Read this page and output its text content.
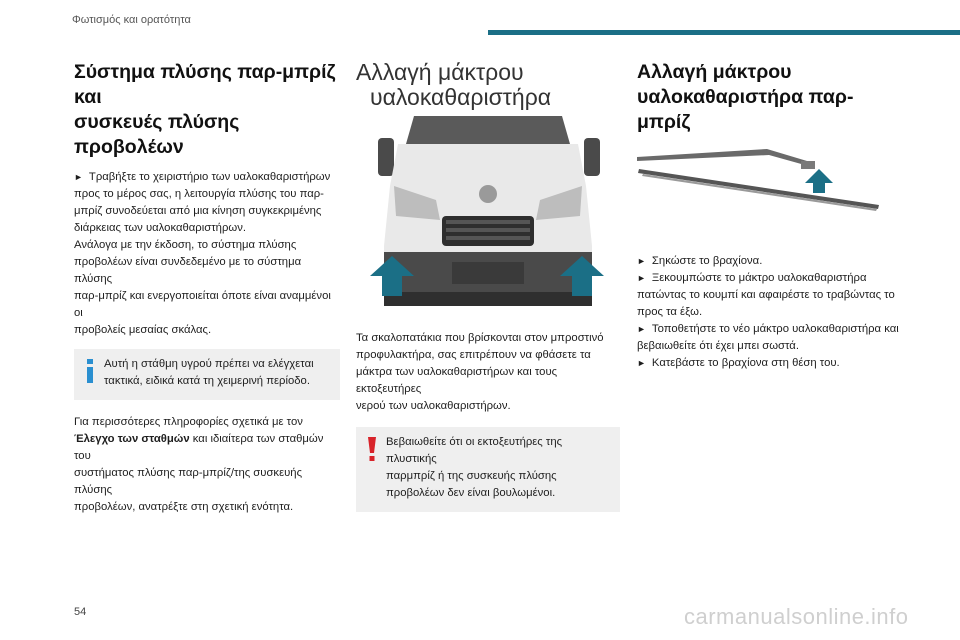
Φωτισμός και ορατότητα
Σύστημα πλύσης παρ-μπρίζ και
συσκευές πλύσης προβολέων

► Τραβήξτε το χειριστήριο των υαλοκαθαριστήρων
προς το μέρος σας, η λειτουργία πλύσης του παρ-
μπρίζ συνοδεύεται από μια κίνηση συγκεκριμένης
διάρκειας των υαλοκαθαριστήρων.
Ανάλογα με την έκδοση, το σύστημα πλύσης
προβολέων είναι συνδεδεμένο με το σύστημα πλύσης
παρ-μπρίζ και ενεργοποιείται όποτε είναι αναμμένοι οι
προβολείς μεσαίας σκάλας.

Αυτή η στάθμη υγρού πρέπει να ελέγχεται
τακτικά, ειδικά κατά τη χειμερινή περίοδο.

Για περισσότερες πληροφορίες σχετικά με τον
Έλεγχο των σταθμών και ιδιαίτερα των σταθμών του
συστήματος πλύσης παρ-μπρίζ/της συσκευής πλύσης
προβολέων, ανατρέξτε στη σχετική ενότητα.

Αλλαγή μάκτρου
υαλοκαθαριστήρα

Τα σκαλοπατάκια που βρίσκονται στον μπροστινό
προφυλακτήρα, σας επιτρέπουν να φθάσετε τα
μάκτρα των υαλοκαθαριστήρων και τους εκτοξευτήρες
νερού των υαλοκαθαριστήρων.

Βεβαιωθείτε ότι οι εκτοξευτήρες της πλυστικής
παρμπρίζ ή της συσκευής πλύσης
προβολέων δεν είναι βουλωμένοι.
Αλλαγή μάκτρου
υαλοκαθαριστήρα παρ-μπρίζ

► Σηκώστε το βραχίονα.
► Ξεκουμπώστε το μάκτρο υαλοκαθαριστήρα
πατώντας το κουμπί και αφαιρέστε το τραβώντας το
προς τα έξω.
► Τοποθετήστε το νέο μάκτρο υαλοκαθαριστήρα και
βεβαιωθείτε ότι έχει μπει σωστά.
► Κατεβάστε το βραχίονα στη θέση του.

54	carmanualsonline.info
